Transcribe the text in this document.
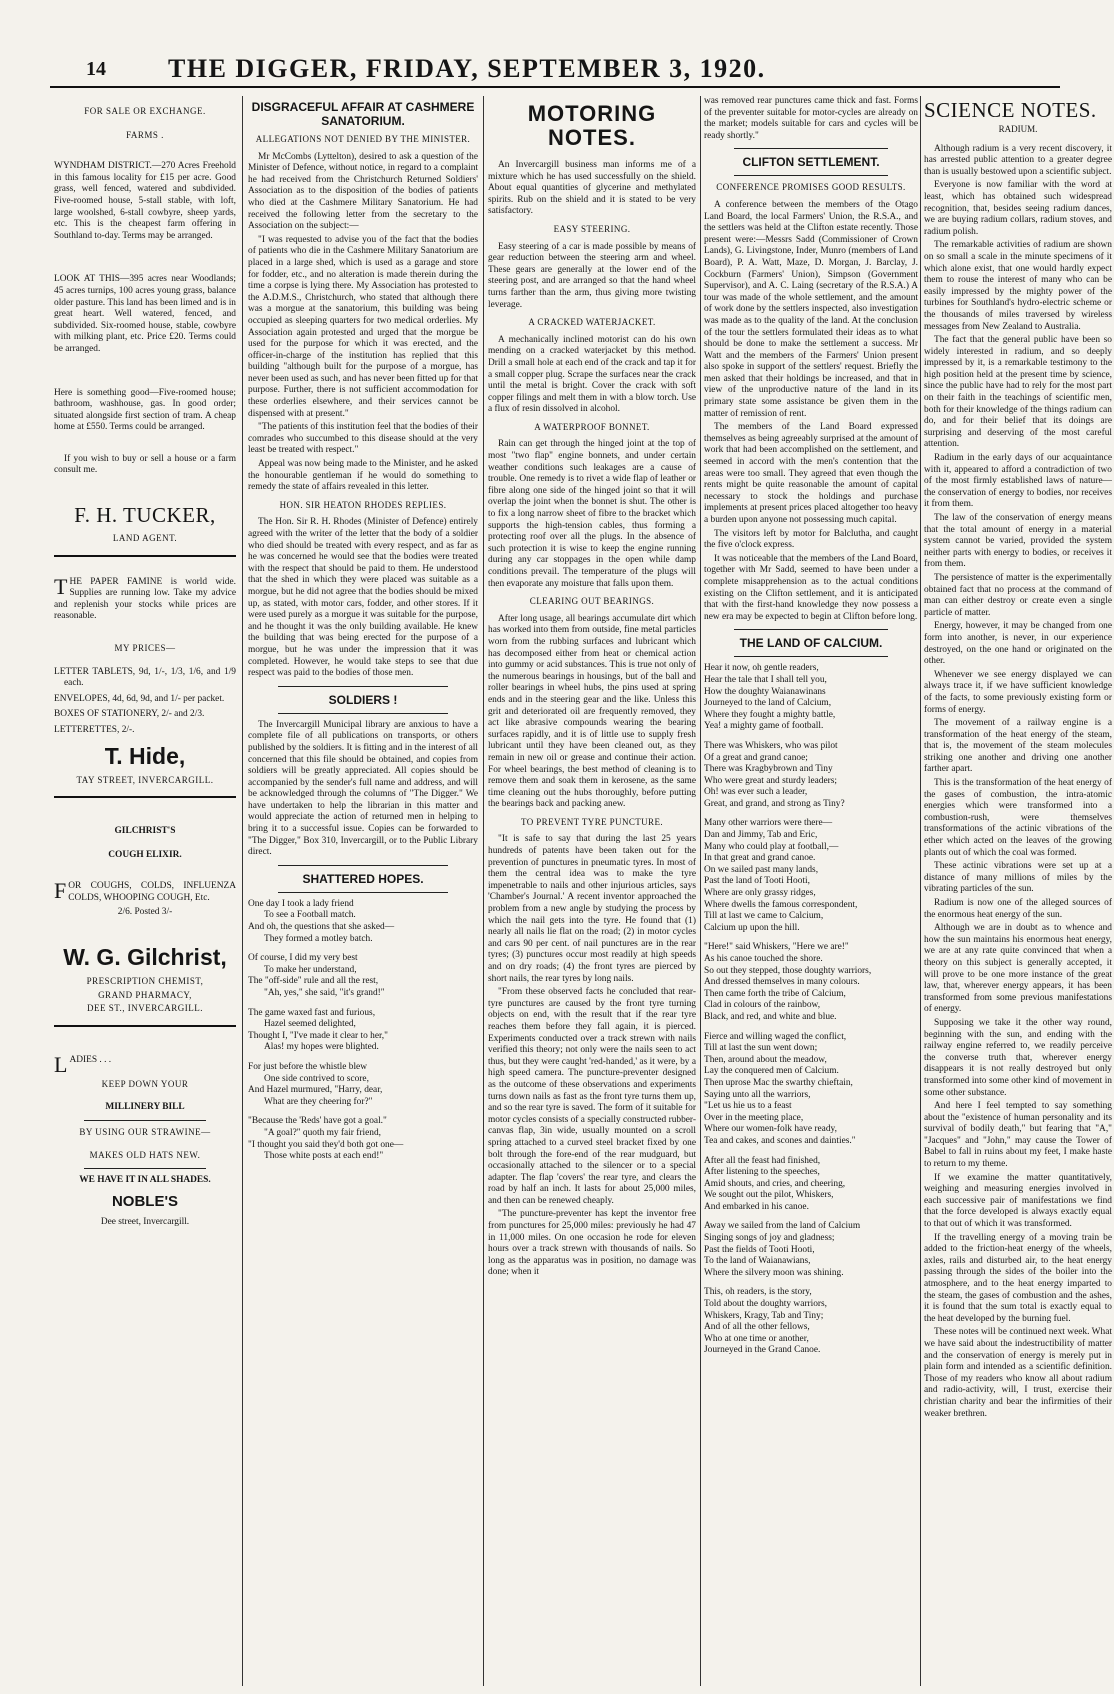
14 THE DIGGER, FRIDAY, SEPTEMBER 3, 1920.

FOR SALE OR EXCHANGE.

FARMS .

WYNDHAM DISTRICT.—270 Acres Freehold in this famous locality for £15 per acre. Good grass, well fenced, watered and subdivided. Five-roomed house, 5-stall stable, with loft, large woolshed, 6-stall cowbyre, sheep yards, etc. This is the cheapest farm offering in Southland to-day. Terms may be arranged.

LOOK AT THIS—395 acres near Woodlands; 45 acres turnips, 100 acres young grass, balance older pasture. This land has been limed and is in great heart. Well watered, fenced, and subdivided. Six-roomed house, stable, cowbyre with milking plant, etc. Price £20. Terms could be arranged.

Here is something good—Five-roomed house; bathroom, washhouse, gas. In good order; situated alongside first section of tram. A cheap home at £550. Terms could be arranged.

If you wish to buy or sell a house or a farm consult me.

F. H. TUCKER,

LAND AGENT.

THE PAPER FAMINE is world wide. Supplies are running low. Take my advice and replenish your stocks while prices are reasonable.

MY PRICES—

LETTER TABLETS, 9d, 1/-, 1/3, 1/6, and 1/9 each.

ENVELOPES, 4d, 6d, 9d, and 1/- per packet.

BOXES OF STATIONERY, 2/- and 2/3.

LETTERETTES, 2/-.

T. Hide,

TAY STREET, INVERCARGILL.

GILCHRIST'S

COUGH ELIXIR.

FOR COUGHS, COLDS, INFLUENZA COLDS, WHOOPING COUGH, Etc.

2/6. Posted 3/-

W. G. Gilchrist,

PRESCRIPTION CHEMIST,

GRAND PHARMACY,

DEE ST., INVERCARGILL.

LADIES . . .

KEEP DOWN YOUR

MILLINERY BILL

BY USING OUR STRAWINE—

MAKES OLD HATS NEW.

WE HAVE IT IN ALL SHADES.

NOBLE'S

Dee street, Invercargill.

DISGRACEFUL AFFAIR AT CASHMERE SANATORIUM.

ALLEGATIONS NOT DENIED BY THE MINISTER.

Mr McCombs (Lyttelton), desired to ask a question of the Minister of Defence, without notice, in regard to a complaint he had received from the Christchurch Returned Soldiers' Association as to the disposition of the bodies of patients who died at the Cashmere Military Sanatorium. He had received the following letter from the secretary to the Association on the subject:—

"I was requested to advise you of the fact that the bodies of patients who die in the Cashmere Military Sanatorium are placed in a large shed, which is used as a garage and store for fodder, etc., and no alteration is made therein during the time a corpse is lying there. My Association has protested to the A.D.M.S., Christchurch, who stated that although there was a morgue at the sanatorium, this building was being occupied as sleeping quarters for two medical orderlies. My Association again protested and urged that the morgue be used for the purpose for which it was erected, and the officer-in-charge of the institution has replied that this building "although built for the purpose of a morgue, has never been used as such, and has never been fitted up for that purpose. Further, there is not sufficient accommodation for these orderlies elsewhere, and their services cannot be dispensed with at present."

"The patients of this institution feel that the bodies of their comrades who succumbed to this disease should at the very least be treated with respect."

Appeal was now being made to the Minister, and he asked the honourable gentleman if he would do something to remedy the state of affairs revealed in this letter.

HON. SIR HEATON RHODES REPLIES.

The Hon. Sir R. H. Rhodes (Minister of Defence) entirely agreed with the writer of the letter that the body of a soldier who died should be treated with every respect, and as far as he was concerned he would see that the bodies were treated with the respect that should be paid to them. He understood that the shed in which they were placed was suitable as a morgue, but he did not agree that the bodies should be mixed up, as stated, with motor cars, fodder, and other stores. If it were used purely as a morgue it was suitable for the purpose, and he thought it was the only building available. He knew the building that was being erected for the purpose of a morgue, but he was under the impression that it was completed. However, he would take steps to see that due respect was paid to the bodies of those men.

SOLDIERS !

The Invercargill Municipal library are anxious to have a complete file of all publications on transports, or others published by the soldiers. It is fitting and in the interest of all concerned that this file should be obtained, and copies from soldiers will be greatly appreciated. All copies should be accompanied by the sender's full name and address, and will be acknowledged through the columns of "The Digger." We have undertaken to help the librarian in this matter and would appreciate the action of returned men in helping to bring it to a successful issue. Copies can be forwarded to "The Digger," Box 310, Invercargill, or to the Public Library direct.

SHATTERED HOPES.

One day I took a lady friend
To see a Football match.
And oh, the questions that she asked—
They formed a motley batch.
Of course, I did my very best
To make her understand,
The "off-side" rule and all the rest,
"Ah, yes," she said, "it's grand!"
The game waxed fast and furious,
Hazel seemed delighted,
Thought I, "I've made it clear to her,"
Alas! my hopes were blighted.
For just before the whistle blew
One side contrived to score,
And Hazel murmured, "Harry, dear,
What are they cheering for?"
"Because the 'Reds' have got a goal."
"A goal?" quoth my fair friend,
"I thought you said they'd both got one—
Those white posts at each end!"

MOTORING NOTES.

An Invercargill business man informs me of a mixture which he has used successfully on the shield. About equal quantities of glycerine and methylated spirits. Rub on the shield and it is stated to be very satisfactory.

EASY STEERING.

Easy steering of a car is made possible by means of gear reduction between the steering arm and wheel. These gears are generally at the lower end of the steering post, and are arranged so that the hand wheel turns farther than the arm, thus giving more twisting leverage.

A CRACKED WATERJACKET.

A mechanically inclined motorist can do his own mending on a cracked waterjacket by this method. Drill a small hole at each end of the crack and tap it for a small copper plug. Scrape the surfaces near the crack until the metal is bright. Cover the crack with soft copper filings and melt them in with a blow torch. Use a flux of resin dissolved in alcohol.

A WATERPROOF BONNET.

Rain can get through the hinged joint at the top of most "two flap" engine bonnets, and under certain weather conditions such leakages are a cause of trouble. One remedy is to rivet a wide flap of leather or fibre along one side of the hinged joint so that it will overlap the joint when the bonnet is shut. The other is to fix a long narrow sheet of fibre to the bracket which supports the high-tension cables, thus forming a protecting roof over all the plugs. In the absence of such protection it is wise to keep the engine running during any car stoppages in the open while damp conditions prevail. The temperature of the plugs will then evaporate any moisture that falls upon them.

CLEARING OUT BEARINGS.

After long usage, all bearings accumulate dirt which has worked into them from outside, fine metal particles worn from the rubbing surfaces and lubricant which has decomposed either from heat or chemical action into gummy or acid substances. This is true not only of the numerous bearings in housings, but of the ball and roller bearings in wheel hubs, the pins used at spring ends and in the steering gear and the like. Unless this grit and deteriorated oil are frequently removed, they act like abrasive compounds wearing the bearing surfaces rapidly, and it is of little use to supply fresh lubricant until they have been cleaned out, as they remain in new oil or grease and continue their action. For wheel bearings, the best method of cleaning is to remove them and soak them in kerosene, as the same time cleaning out the hubs thoroughly, before putting the bearings back and packing anew.

TO PREVENT TYRE PUNCTURE.

"It is safe to say that during the last 25 years hundreds of patents have been taken out for the prevention of punctures in pneumatic tyres. In most of them the central idea was to make the tyre impenetrable to nails and other injurious articles, says 'Chamber's Journal.' A recent inventor approached the problem from a new angle by studying the process by which the nail gets into the tyre. He found that (1) nearly all nails lie flat on the road; (2) in motor cycles and cars 90 per cent. of nail punctures are in the rear tyres; (3) punctures occur most readily at high speeds and on dry roads; (4) the front tyres are pierced by short nails, the rear tyres by long nails.

"From these observed facts he concluded that rear-tyre punctures are caused by the front tyre turning objects on end, with the result that if the rear tyre reaches them before they fall again, it is pierced. Experiments conducted over a track strewn with nails verified this theory; not only were the nails seen to act thus, but they were caught 'red-handed,' as it were, by a high speed camera. The puncture-preventer designed as the outcome of these observations and experiments turns down nails as fast as the front tyre turns them up, and so the rear tyre is saved. The form of it suitable for motor cycles consists of a specially constructed rubber-canvas flap, 3in wide, usually mounted on a scroll spring attached to a curved steel bracket fixed by one bolt through the fore-end of the rear mudguard, but occasionally attached to the silencer or to a special adapter. The flap 'covers' the rear tyre, and clears the road by half an inch. It lasts for about 25,000 miles, and then can be renewed cheaply.

"The puncture-preventer has kept the inventor free from punctures for 25,000 miles: previously he had 47 in 11,000 miles. On one occasion he rode for eleven hours over a track strewn with thousands of nails. So long as the apparatus was in position, no damage was done; when it

was removed rear punctures came thick and fast. Forms of the preventer suitable for motor-cycles are already on the market; models suitable for cars and cycles will be ready shortly."

CLIFTON SETTLEMENT.

CONFERENCE PROMISES GOOD RESULTS.

A conference between the members of the Otago Land Board, the local Farmers' Union, the R.S.A., and the settlers was held at the Clifton estate recently. Those present were:—Messrs Sadd (Commissioner of Crown Lands), G. Livingstone, Inder, Munro (members of Land Board), P. A. Watt, Maze, D. Morgan, J. Barclay, J. Cockburn (Farmers' Union), Simpson (Government Supervisor), and A. C. Laing (secretary of the R.S.A.) A tour was made of the whole settlement, and the amount of work done by the settlers inspected, also investigation was made as to the quality of the land. At the conclusion of the tour the settlers formulated their ideas as to what should be done to make the settlement a success. Mr Watt and the members of the Farmers' Union present also spoke in support of the settlers' request. Briefly the men asked that their holdings be increased, and that in view of the unproductive nature of the land in its primary state some assistance be given them in the matter of remission of rent.

The members of the Land Board expressed themselves as being agreeably surprised at the amount of work that had been accomplished on the settlement, and seemed in accord with the men's contention that the areas were too small. They agreed that even though the rents might be quite reasonable the amount of capital necessary to stock the holdings and purchase implements at present prices placed altogether too heavy a burden upon anyone not possessing much capital.

The visitors left by motor for Balclutha, and caught the five o'clock express.

It was noticeable that the members of the Land Board, together with Mr Sadd, seemed to have been under a complete misapprehension as to the actual conditions existing on the Clifton settlement, and it is anticipated that with the first-hand knowledge they now possess a new era may be expected to begin at Clifton before long.

THE LAND OF CALCIUM.

Hear it now, oh gentle readers,
Hear the tale that I shall tell you,
How the doughty Waianawinans
Journeyed to the land of Calcium,
Where they fought a mighty battle,
Yea! a mighty game of football.
There was Whiskers, who was pilot
Of a great and grand canoe;
There was Kragbybrown and Tiny
Who were great and sturdy leaders;
Oh! was ever such a leader,
Great, and grand, and strong as Tiny?
Many other warriors were there—
Dan and Jimmy, Tab and Eric,
Many who could play at football,—
In that great and grand canoe.
On we sailed past many lands,
Past the land of Tooti Hooti,
Where are only grassy ridges,
Where dwells the famous correspondent,
Till at last we came to Calcium,
Calcium up upon the hill.
"Here!" said Whiskers, "Here we are!"
As his canoe touched the shore.
So out they stepped, those doughty warriors,
And dressed themselves in many colours.
Then came forth the tribe of Calcium,
Clad in colours of the rainbow,
Black, and red, and white and blue.
Fierce and willing waged the conflict,
Till at last the sun went down;
Then, around about the meadow,
Lay the conquered men of Calcium.
Then uprose Mac the swarthy chieftain,
Saying unto all the warriors,
"Let us hie us to a feast
Over in the meeting place,
Where our women-folk have ready,
Tea and cakes, and scones and dainties."
After all the feast had finished,
After listening to the speeches,
Amid shouts, and cries, and cheering,
We sought out the pilot, Whiskers,
And embarked in his canoe.
Away we sailed from the land of Calcium
Singing songs of joy and gladness;
Past the fields of Tooti Hooti,
To the land of Waianawians,
Where the silvery moon was shining.
This, oh readers, is the story,
Told about the doughty warriors,
Whiskers, Kragy, Tab and Tiny;
And of all the other fellows,
Who at one time or another,
Journeyed in the Grand Canoe.

SCIENCE NOTES.

RADIUM.

Although radium is a very recent discovery, it has arrested public attention to a greater degree than is usually bestowed upon a scientific subject.

Everyone is now familiar with the word at least, which has obtained such widespread recognition, that, besides seeing radium dances, we are buying radium collars, radium stoves, and radium polish.

The remarkable activities of radium are shown on so small a scale in the minute specimens of it which alone exist, that one would hardly expect them to rouse the interest of many who can be easily impressed by the mighty power of the turbines for Southland's hydro-electric scheme or the thousands of miles traversed by wireless messages from New Zealand to Australia.

The fact that the general public have been so widely interested in radium, and so deeply impressed by it, is a remarkable testimony to the high position held at the present time by science, since the public have had to rely for the most part on their faith in the teachings of scientific men, both for their knowledge of the things radium can do, and for their belief that its doings are surprising and deserving of the most careful attention.

Radium in the early days of our acquaintance with it, appeared to afford a contradiction of two of the most firmly established laws of nature—the conservation of energy to bodies, nor receives it from them.

The law of the conservation of energy means that the total amount of energy in a material system cannot be varied, provided the system neither parts with energy to bodies, or receives it from them.

The persistence of matter is the experimentally obtained fact that no process at the command of man can either destroy or create even a single particle of matter.

Energy, however, it may be changed from one form into another, is never, in our experience destroyed, on the one hand or originated on the other.

Whenever we see energy displayed we can always trace it, if we have sufficient knowledge of the facts, to some previously existing form or forms of energy.

The movement of a railway engine is a transformation of the heat energy of the steam, that is, the movement of the steam molecules striking one another and driving one another farther apart.

This is the transformation of the heat energy of the gases of combustion, the intra-atomic energies which were transformed into a combustion-rush, were themselves transformations of the actinic vibrations of the ether which acted on the leaves of the growing plants out of which the coal was formed.

These actinic vibrations were set up at a distance of many millions of miles by the vibrating particles of the sun.

Radium is now one of the alleged sources of the enormous heat energy of the sun.

Although we are in doubt as to whence and how the sun maintains his enormous heat energy, we are at any rate quite convinced that when a theory on this subject is generally accepted, it will prove to be one more instance of the great law, that, wherever energy appears, it has been transformed from some previous manifestations of energy.

Supposing we take it the other way round, beginning with the sun, and ending with the railway engine referred to, we readily perceive the converse truth that, wherever energy disappears it is not really destroyed but only transformed into some other kind of movement in some other substance.

And here I feel tempted to say something about the "existence of human personality and its survival of bodily death," but fearing that "A," "Jacques" and "John," may cause the Tower of Babel to fall in ruins about my feet, I make haste to return to my theme.

If we examine the matter quantitatively, weighing and measuring energies involved in each successive pair of manifestations we find that the force developed is always exactly equal to that out of which it was transformed.

If the travelling energy of a moving train be added to the friction-heat energy of the wheels, axles, rails and disturbed air, to the heat energy passing through the sides of the boiler into the atmosphere, and to the heat energy imparted to the steam, the gases of combustion and the ashes, it is found that the sum total is exactly equal to the heat developed by the burning fuel.

These notes will be continued next week. What we have said about the indestructibility of matter and the conservation of energy is merely put in plain form and intended as a scientific definition. Those of my readers who know all about radium and radio-activity, will, I trust, exercise their christian charity and bear the infirmities of their weaker brethren.
